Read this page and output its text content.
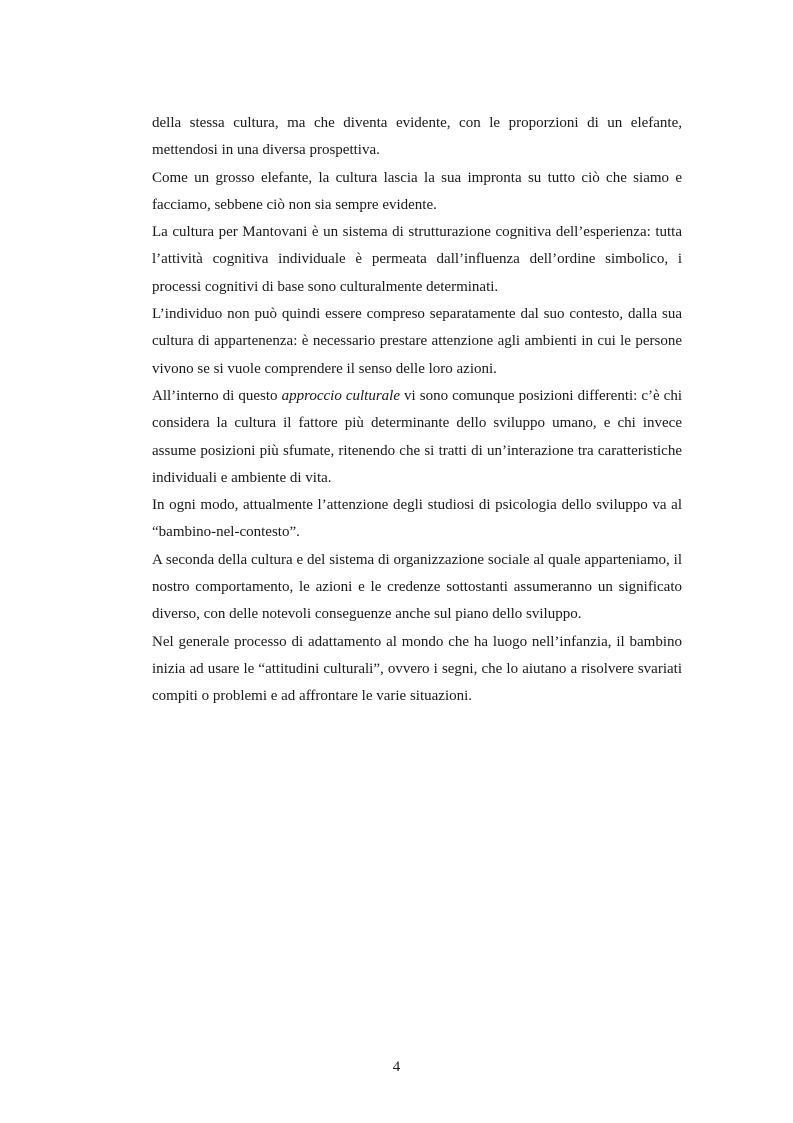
della stessa cultura, ma che diventa evidente, con le proporzioni di un elefante, mettendosi in una diversa prospettiva.

Come un grosso elefante, la cultura lascia la sua impronta su tutto ciò che siamo e facciamo, sebbene ciò non sia sempre evidente.

La cultura per Mantovani è un sistema di strutturazione cognitiva dell’esperienza: tutta l’attività cognitiva individuale è permeata dall’influenza dell’ordine simbolico, i processi cognitivi di base sono culturalmente determinati.

L’individuo non può quindi essere compreso separatamente dal suo contesto, dalla sua cultura di appartenenza: è necessario prestare attenzione agli ambienti in cui le persone vivono se si vuole comprendere il senso delle loro azioni.

All’interno di questo approccio culturale vi sono comunque posizioni differenti: c’è chi considera la cultura il fattore più determinante dello sviluppo umano, e chi invece assume posizioni più sfumate, ritenendo che si tratti di un’interazione tra caratteristiche individuali e ambiente di vita.

In ogni modo, attualmente l’attenzione degli studiosi di psicologia dello sviluppo va al “bambino-nel-contesto”.

A seconda della cultura e del sistema di organizzazione sociale al quale apparteniamo, il nostro comportamento, le azioni e le credenze sottostanti assumeranno un significato diverso, con delle notevoli conseguenze anche sul piano dello sviluppo.

Nel generale processo di adattamento al mondo che ha luogo nell’infanzia, il bambino inizia ad usare le “attitudini culturali”, ovvero i segni, che lo aiutano a risolvere svariati compiti o problemi e ad affrontare le varie situazioni.

4
